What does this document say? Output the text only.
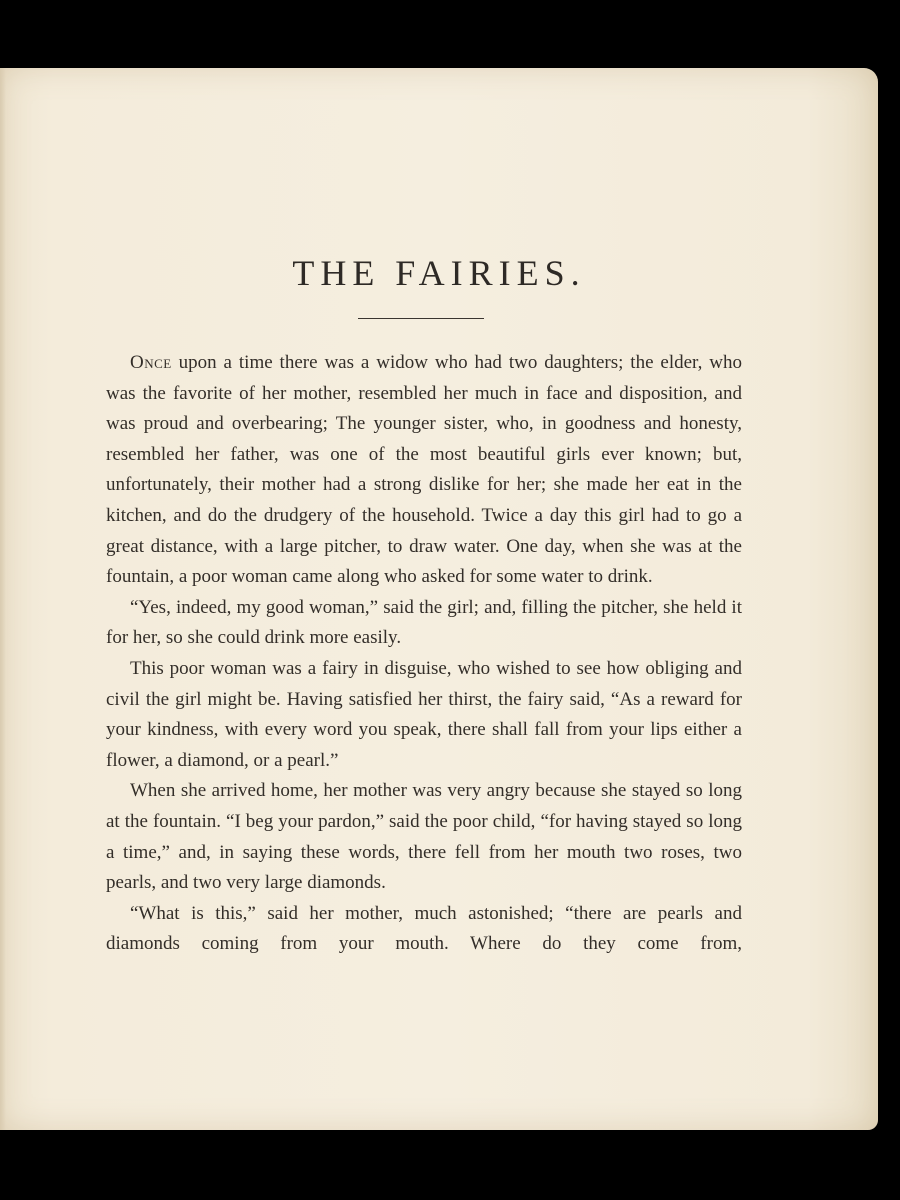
THE FAIRIES.

Once upon a time there was a widow who had two daughters; the elder, who was the favorite of her mother, resembled her much in face and disposition, and was proud and overbearing; The younger sister, who, in goodness and honesty, resembled her father, was one of the most beautiful girls ever known; but, unfortunately, their mother had a strong dislike for her; she made her eat in the kitchen, and do the drudgery of the household. Twice a day this girl had to go a great distance, with a large pitcher, to draw water. One day, when she was at the fountain, a poor woman came along who asked for some water to drink.

“Yes, indeed, my good woman,” said the girl; and, filling the pitcher, she held it for her, so she could drink more easily.

This poor woman was a fairy in disguise, who wished to see how obliging and civil the girl might be. Having satisfied her thirst, the fairy said, “As a reward for your kindness, with every word you speak, there shall fall from your lips either a flower, a diamond, or a pearl.”

When she arrived home, her mother was very angry because she stayed so long at the fountain. “I beg your pardon,” said the poor child, “for having stayed so long a time,” and, in saying these words, there fell from her mouth two roses, two pearls, and two very large diamonds.

“What is this,” said her mother, much astonished; “there are pearls and diamonds coming from your mouth. Where do they come from,
